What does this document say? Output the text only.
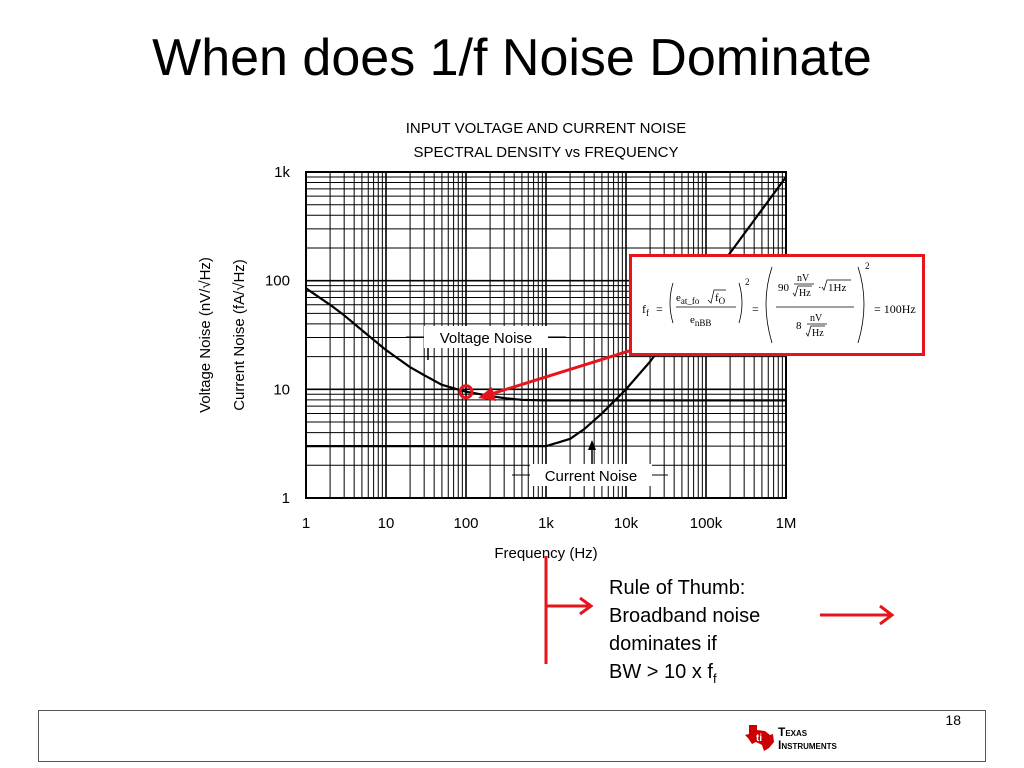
When does 1/f Noise Dominate
INPUT VOLTAGE AND CURRENT NOISE
SPECTRAL DENSITY vs FREQUENCY
1	10	100	1k	10k	100k	1M
1
10
100
1k
Frequency (Hz)
Voltage Noise (nV/√Hz) Current Noise (fA/√Hz)	Voltage Noise
Current Noise
$f_f$ =
$e_{at\_fo}$ $f_O$
$e_{nBB}$
2
=
90
nV
Hz · 1Hz
8
nV
Hz
2
= 100Hz
Rule of Thumb:
Broadband noise
dominates if
BW > 10 x $f_f$
18
ti Texas
Instruments
